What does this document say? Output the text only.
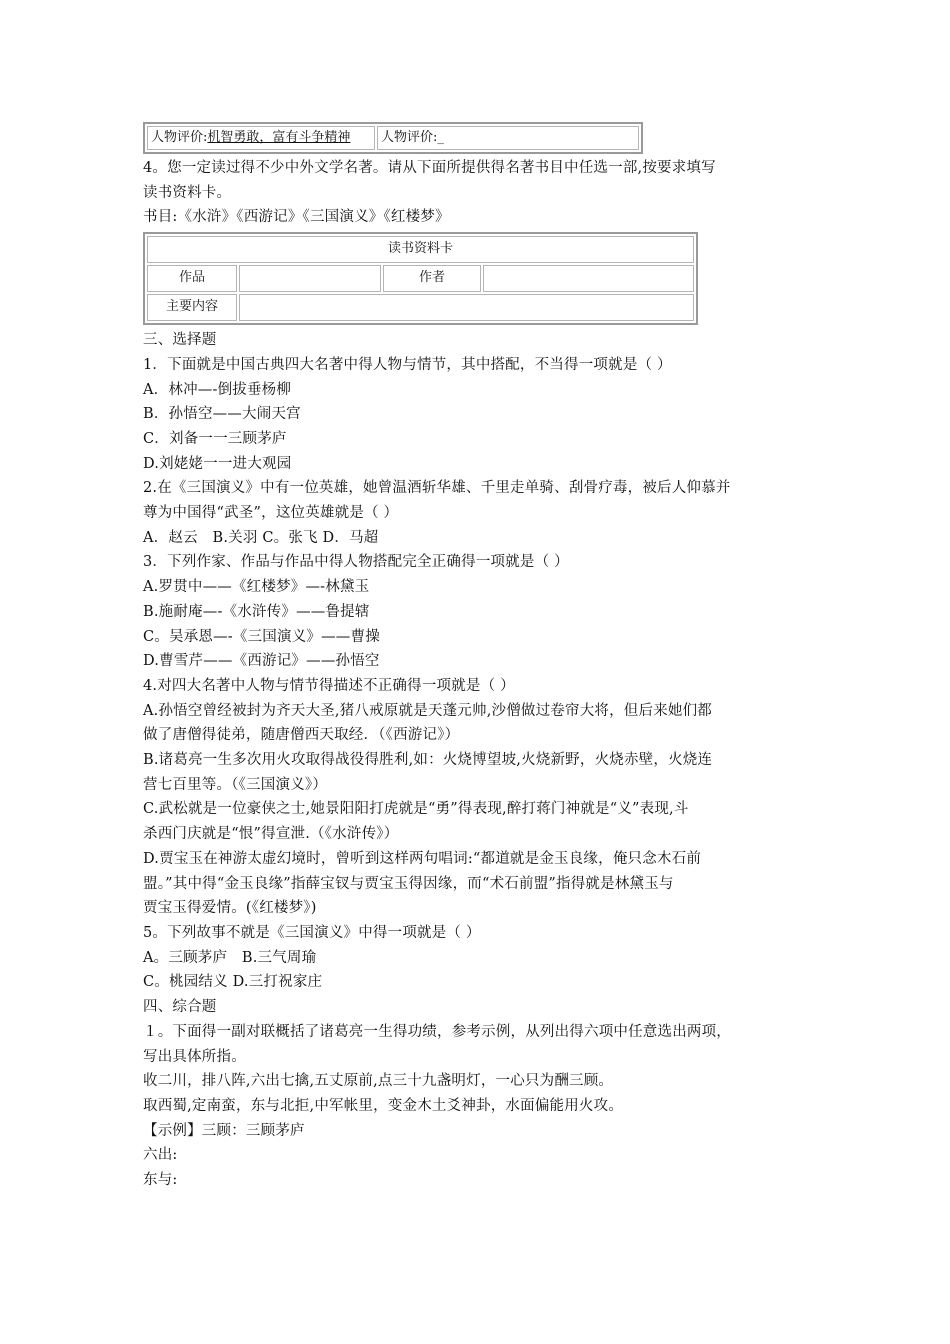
人物评价:机智勇敢，富有斗争精神	人物评价:_
4。您一定读过得不少中外文学名著。请从下面所提供得名著书目中任选一部,按要求填写
读书资料卡。
书目:《水浒》《西游记》《三国演义》《红楼梦》
读书资料卡
作品	作者
主要内容
三、选择题
1．下面就是中国古典四大名著中得人物与情节，其中搭配，不当得一项就是（ ）
A．林冲—-倒拔垂杨柳
B．孙悟空——大闹天宫
C．刘备一一三顾茅庐
D.刘姥姥一一进大观园
2.在《三国演义》中有一位英雄，她曾温酒斩华雄、千里走单骑、刮骨疗毒，被后人仰慕并
尊为中国得“武圣”，这位英雄就是（ ）
A．赵云　B.关羽 C。张飞 D．马超
3．下列作家、作品与作品中得人物搭配完全正确得一项就是（ ）
A.罗贯中——《红楼梦》—-林黛玉
B.施耐庵—-《水浒传》——鲁提辖
C。吴承恩—-《三国演义》——曹操
D.曹雪芹——《西游记》——孙悟空
4.对四大名著中人物与情节得描述不正确得一项就是（ ）
A.孙悟空曾经被封为齐天大圣,猪八戒原就是天蓬元帅,沙僧做过卷帘大将，但后来她们都
做了唐僧得徒弟，随唐僧西天取经．（《西游记》）
B.诸葛亮一生多次用火攻取得战役得胜利,如：火烧博望坡,火烧新野，火烧赤壁，火烧连
营七百里等。（《三国演义》）
C.武松就是一位豪侠之士,她景阳阳打虎就是“勇”得表现,醉打蒋门神就是“义”表现,斗
杀西门庆就是“恨”得宣泄.（《水浒传》）
D.贾宝玉在神游太虚幻境时，曾听到这样两句唱词:“都道就是金玉良缘，俺只念木石前
盟。”其中得“金玉良缘”指薛宝钗与贾宝玉得因缘，而“术石前盟”指得就是林黛玉与
贾宝玉得爱情。(《红楼梦》)
5。下列故事不就是《三国演义》中得一项就是（ ）
A。三顾茅庐　B.三气周瑜
C。桃园结义 D.三打祝家庄
四、综合题
１。下面得一副对联概括了诸葛亮一生得功绩，参考示例，从列出得六项中任意选出两项，
写出具体所指。
收二川，排八阵,六出七擒,五丈原前,点三十九盏明灯，一心只为酬三顾。
取西蜀,定南蛮，东与北拒,中军帐里，变金木土爻神卦，水面偏能用火攻。
【示例】三顾：三顾茅庐
六出:
东与:
